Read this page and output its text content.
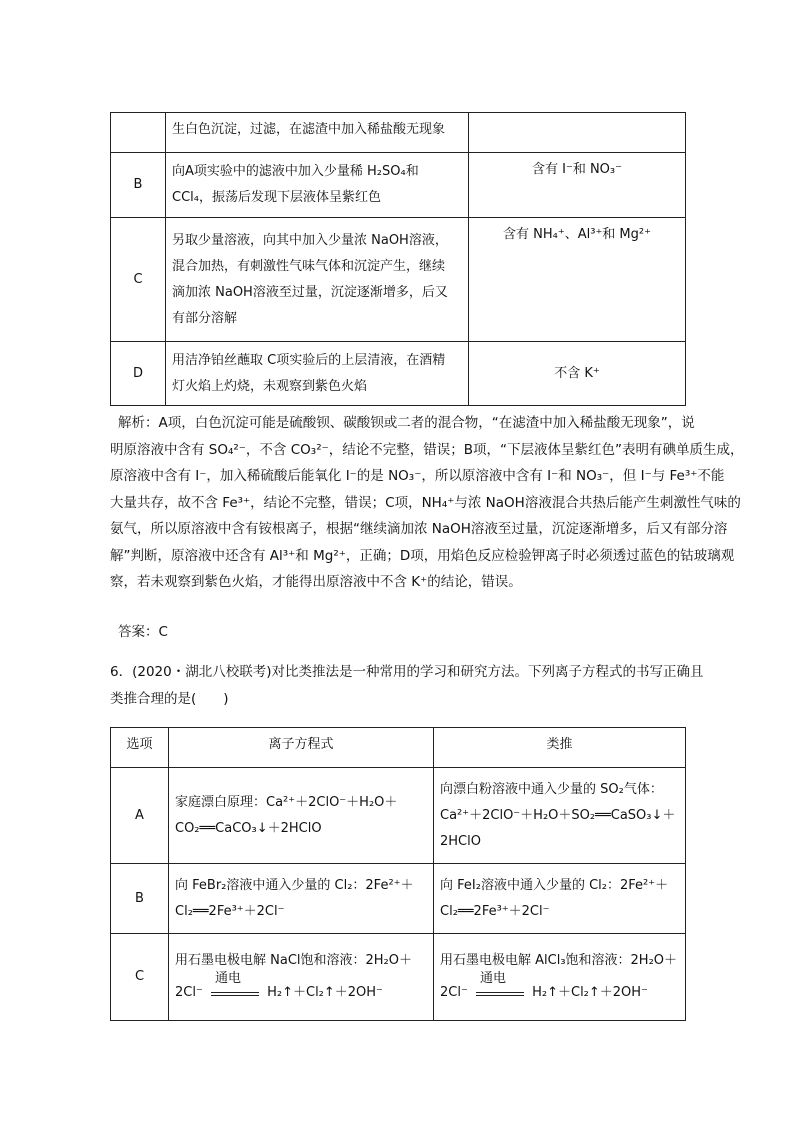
	生白色沉淀，过滤，在滤渣中加入稀盐酸无现象	

B	向A项实验中的滤液中加入少量稀 H₂SO₄和
CCl₄，振荡后发现下层液体呈紫红色	含有 I⁻和 NO₃⁻
C	另取少量溶液，向其中加入少量浓 NaOH溶液，
混合加热，有刺激性气味气体和沉淀产生，继续
滴加浓 NaOH溶液至过量，沉淀逐渐增多，后又
有部分溶解	含有 NH₄⁺、Al³⁺和 Mg²⁺
D	用洁净铂丝蘸取 C项实验后的上层清液，在酒精
灯火焰上灼烧，未观察到紫色火焰	不含 K⁺
解析：A项，白色沉淀可能是硫酸钡、碳酸钡或二者的混合物，“在滤渣中加入稀盐酸无现象”，说
明原溶液中含有 SO₄²⁻，不含 CO₃²⁻，结论不完整，错误；B项，“下层液体呈紫红色”表明有碘单质生成，
原溶液中含有 I⁻，加入稀硫酸后能氧化 I⁻的是 NO₃⁻，所以原溶液中含有 I⁻和 NO₃⁻，但 I⁻与 Fe³⁺不能
大量共存，故不含 Fe³⁺，结论不完整，错误；C项，NH₄⁺与浓 NaOH溶液混合共热后能产生刺激性气味的
氨气，所以原溶液中含有铵根离子，根据“继续滴加浓 NaOH溶液至过量，沉淀逐渐增多，后又有部分溶
解”判断，原溶液中还含有 Al³⁺和 Mg²⁺，正确；D项，用焰色反应检验钾离子时必须透过蓝色的钴玻璃观
察，若未观察到紫色火焰，才能得出原溶液中不含 K⁺的结论，错误。
答案：C
6．(2020・湖北八校联考)对比类推法是一种常用的学习和研究方法。下列离子方程式的书写正确且
类推合理的是(　　)
选项	离子方程式	类推
A	家庭漂白原理：Ca²⁺＋2ClO⁻＋H₂O＋
CO₂══CaCO₃↓＋2HClO	向漂白粉溶液中通入少量的 SO₂气体：
Ca²⁺＋2ClO⁻＋H₂O＋SO₂══CaSO₃↓＋
2HClO

B	向 FeBr₂溶液中通入少量的 Cl₂：2Fe²⁺＋
Cl₂══2Fe³⁺＋2Cl⁻	向 FeI₂溶液中通入少量的 Cl₂：2Fe²⁺＋
Cl₂══2Fe³⁺＋2Cl⁻

C	用石墨电极电解 NaCl饱和溶液：2H₂O＋
2Cl⁻
通电
H₂↑＋Cl₂↑＋2OH⁻	用石墨电极电解 AlCl₃饱和溶液：2H₂O＋
2Cl⁻
通电
H₂↑＋Cl₂↑＋2OH⁻
